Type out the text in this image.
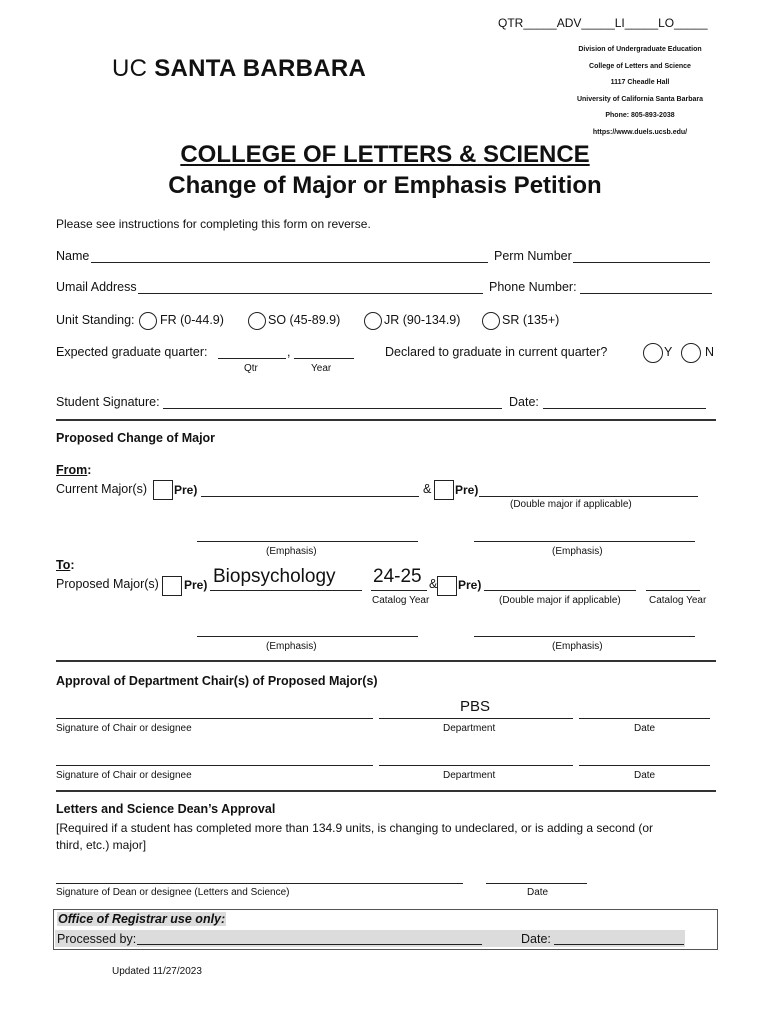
QTR_____ADV_____LI_____LO_____
UC SANTA BARBARA
Division of Undergraduate Education
College of Letters and Science
1117 Cheadle Hall
University of California Santa Barbara
Phone: 805-893-2038
https://www.duels.ucsb.edu/
COLLEGE OF LETTERS & SCIENCE
Change of Major or Emphasis Petition
Please see instructions for completing this form on reverse.
Name	Perm Number
Umail Address	Phone Number:
Unit Standing: FR (0-44.9)	SO (45-89.9)	JR (90-134.9)	SR (135+)
Expected graduate quarter:	,
Qtr	Year
Declared to graduate in current quarter?	Y	N
Student Signature:	Date:
Proposed Change of Major
From:
Current Major(s) Pre)	& Pre)
(Double major if applicable)
(Emphasis)	(Emphasis)
To:
Proposed Major(s) Pre) Biopsychology 24-25 & Pre)
Catalog Year	(Double major if applicable)	Catalog Year
(Emphasis)	(Emphasis)
Approval of Department Chair(s) of Proposed Major(s)
PBS
Signature of Chair or designee	Department	Date
Signature of Chair or designee	Department	Date
Letters and Science Dean’s Approval
[Required if a student has completed more than 134.9 units, is changing to undeclared, or is adding a second (or
third, etc.) major]
Signature of Dean or designee (Letters and Science)	Date
Office of Registrar use only:
Processed by:	Date:
Updated 11/27/2023
